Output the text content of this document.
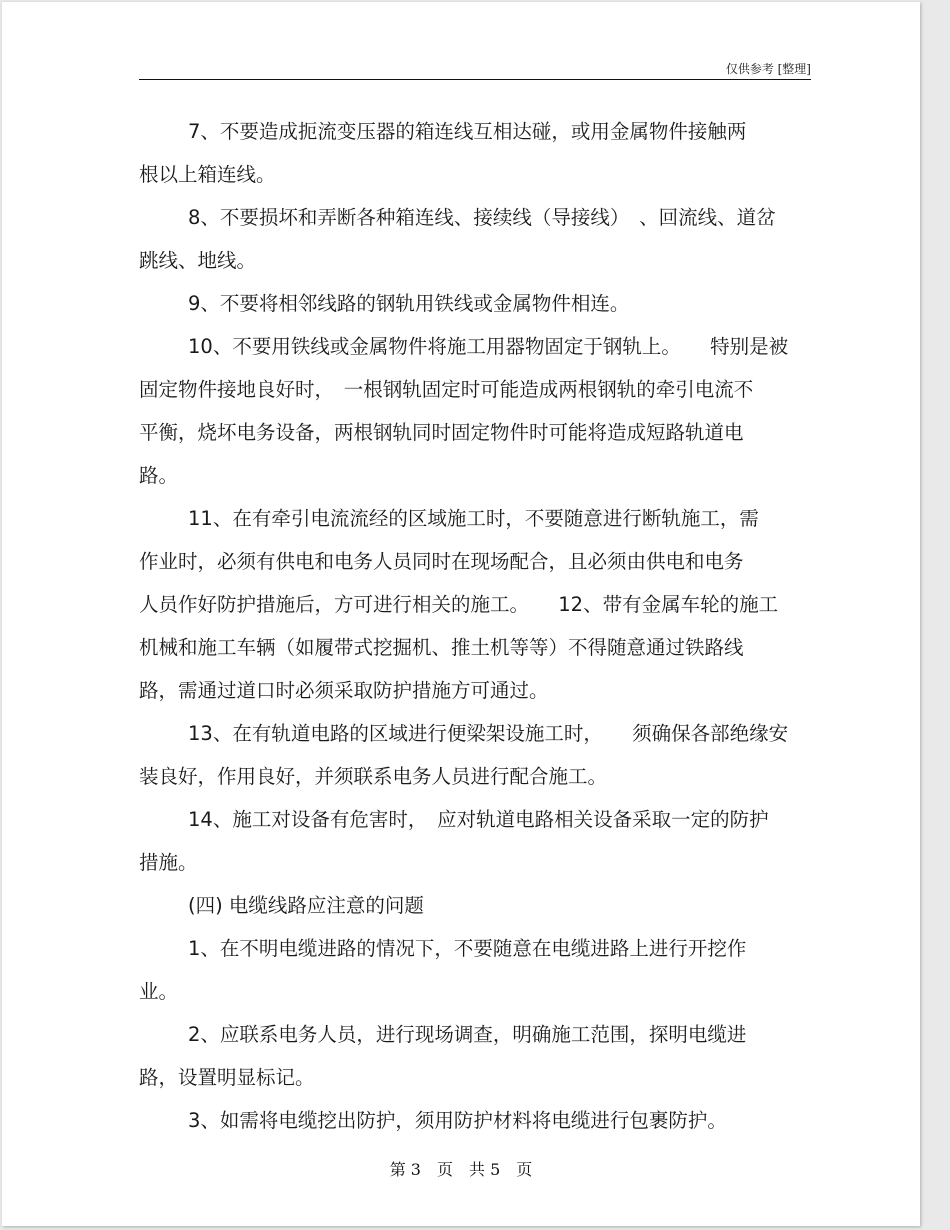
仅供参考 [整理]
7、不要造成扼流变压器的箱连线互相达碰，或用金属物件接触两
根以上箱连线。
8、不要损坏和弄断各种箱连线、接续线（导接线）　、回流线、道岔
跳线、地线。
9、不要将相邻线路的钢轨用铁线或金属物件相连。
10、不要用铁线或金属物件将施工用器物固定于钢轨上。　　特别是被
固定物件接地良好时，　一根钢轨固定时可能造成两根钢轨的牵引电流不
平衡，烧坏电务设备，两根钢轨同时固定物件时可能将造成短路轨道电
路。
11、在有牵引电流流经的区域施工时，不要随意进行断轨施工，需
作业时，必须有供电和电务人员同时在现场配合，且必须由供电和电务
人员作好防护措施后，方可进行相关的施工。　　12、带有金属车轮的施工
机械和施工车辆（如履带式挖掘机、推土机等等）不得随意通过铁路线
路，需通过道口时必须采取防护措施方可通过。
13、在有轨道电路的区域进行便梁架设施工时，　　须确保各部绝缘安
装良好，作用良好，并须联系电务人员进行配合施工。
14、施工对设备有危害时，　应对轨道电路相关设备采取一定的防护
措施。
(四) 电缆线路应注意的问题
1、在不明电缆进路的情况下，不要随意在电缆进路上进行开挖作
业。
2、应联系电务人员，进行现场调查，明确施工范围，探明电缆进
路，设置明显标记。
3、如需将电缆挖出防护，须用防护材料将电缆进行包裹防护。
第 3　页　共 5　页
